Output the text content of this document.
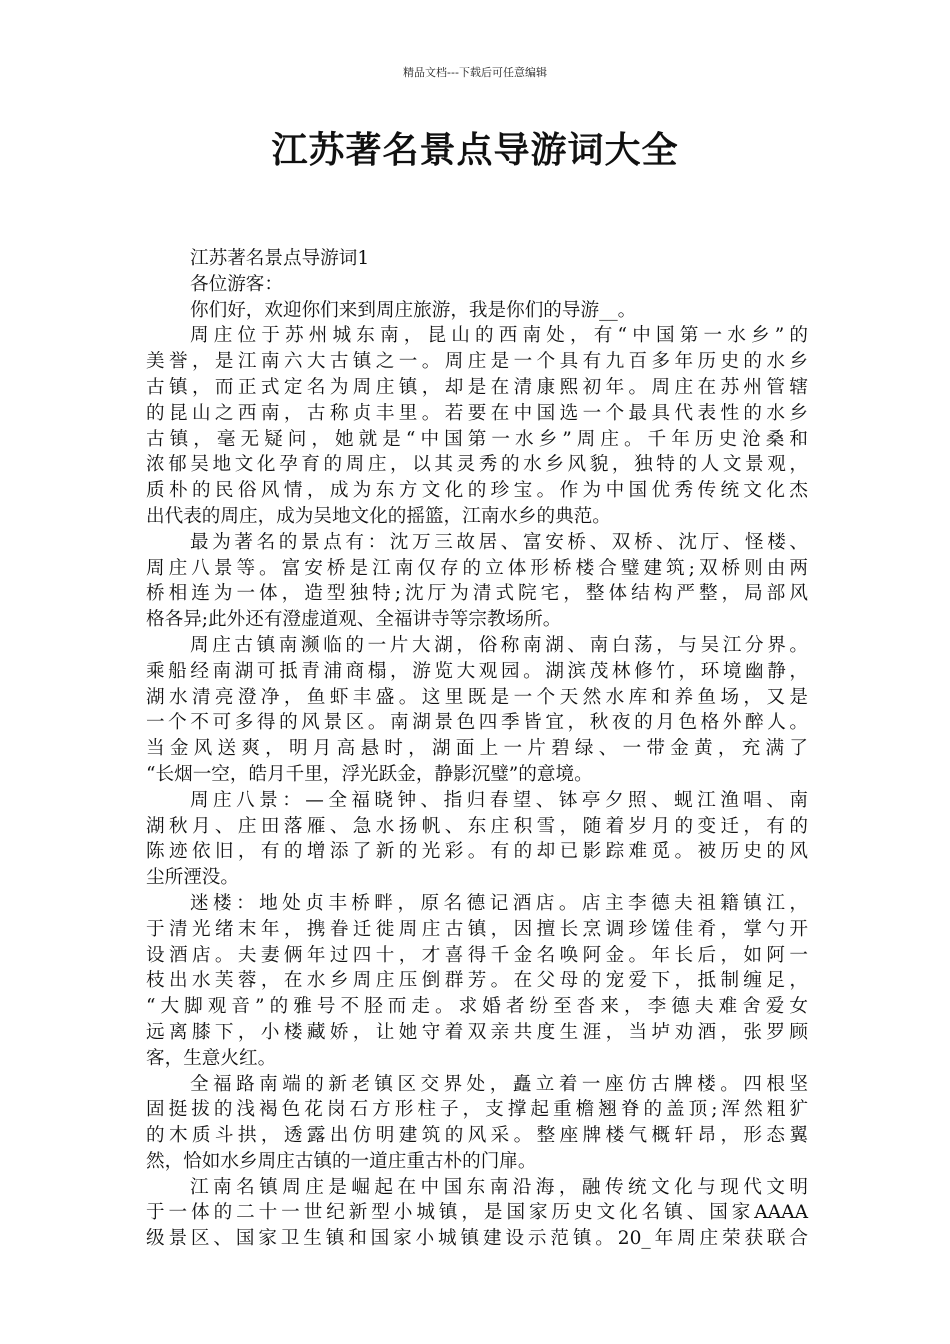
精品文档---下载后可任意编辑
江苏著名景点导游词大全
江苏著名景点导游词1
各位游客：
你们好，欢迎你们来到周庄旅游，我是你们的导游__。
周庄位于苏州城东南，昆山的西南处，有“中国第一水乡”的
美誉，是江南六大古镇之一。周庄是一个具有九百多年历史的水乡
古镇，而正式定名为周庄镇，却是在清康熙初年。周庄在苏州管辖
的昆山之西南，古称贞丰里。若要在中国选一个最具代表性的水乡
古镇，毫无疑问，她就是“中国第一水乡”周庄。千年历史沧桑和
浓郁吴地文化孕育的周庄，以其灵秀的水乡风貌，独特的人文景观，
质朴的民俗风情，成为东方文化的珍宝。作为中国优秀传统文化杰
出代表的周庄，成为吴地文化的摇篮，江南水乡的典范。
最为著名的景点有：沈万三故居、富安桥、双桥、沈厅、怪楼、
周庄八景等。富安桥是江南仅存的立体形桥楼合璧建筑;双桥则由两
桥相连为一体，造型独特;沈厅为清式院宅，整体结构严整，局部风
格各异;此外还有澄虚道观、全福讲寺等宗教场所。
周庄古镇南濒临的一片大湖，俗称南湖、南白荡，与吴江分界。
乘船经南湖可抵青浦商榻，游览大观园。湖滨茂林修竹，环境幽静，
湖水清亮澄净，鱼虾丰盛。这里既是一个天然水库和养鱼场，又是
一个不可多得的风景区。南湖景色四季皆宜，秋夜的月色格外醉人。
当金风送爽，明月高悬时，湖面上一片碧绿、一带金黄，充满了
“长烟一空，皓月千里，浮光跃金，静影沉璧”的意境。
周庄八景：—全福晓钟、指归春望、钵亭夕照、蚬江渔唱、南
湖秋月、庄田落雁、急水扬帆、东庄积雪，随着岁月的变迁，有的
陈迹依旧，有的增添了新的光彩。有的却已影踪难觅。被历史的风
尘所湮没。
迷楼：地处贞丰桥畔，原名德记酒店。店主李德夫祖籍镇江，
于清光绪末年，携眷迁徙周庄古镇，因擅长烹调珍馐佳肴，掌勺开
设酒店。夫妻俩年过四十，才喜得千金名唤阿金。年长后，如阿一
枝出水芙蓉，在水乡周庄压倒群芳。在父母的宠爱下，抵制缠足，
“大脚观音”的雅号不胫而走。求婚者纷至沓来，李德夫难舍爱女
远离膝下，小楼藏娇，让她守着双亲共度生涯，当垆劝酒，张罗顾
客，生意火红。
全福路南端的新老镇区交界处，矗立着一座仿古牌楼。四根坚
固挺拔的浅褐色花岗石方形柱子，支撑起重檐翘脊的盖顶;浑然粗犷
的木质斗拱，透露出仿明建筑的风采。整座牌楼气概轩昂，形态翼
然，恰如水乡周庄古镇的一道庄重古朴的门扉。
江南名镇周庄是崛起在中国东南沿海，融传统文化与现代文明
于一体的二十一世纪新型小城镇，是国家历史文化名镇、国家AAAA
级景区、国家卫生镇和国家小城镇建设示范镇。20_年周庄荣获联合
